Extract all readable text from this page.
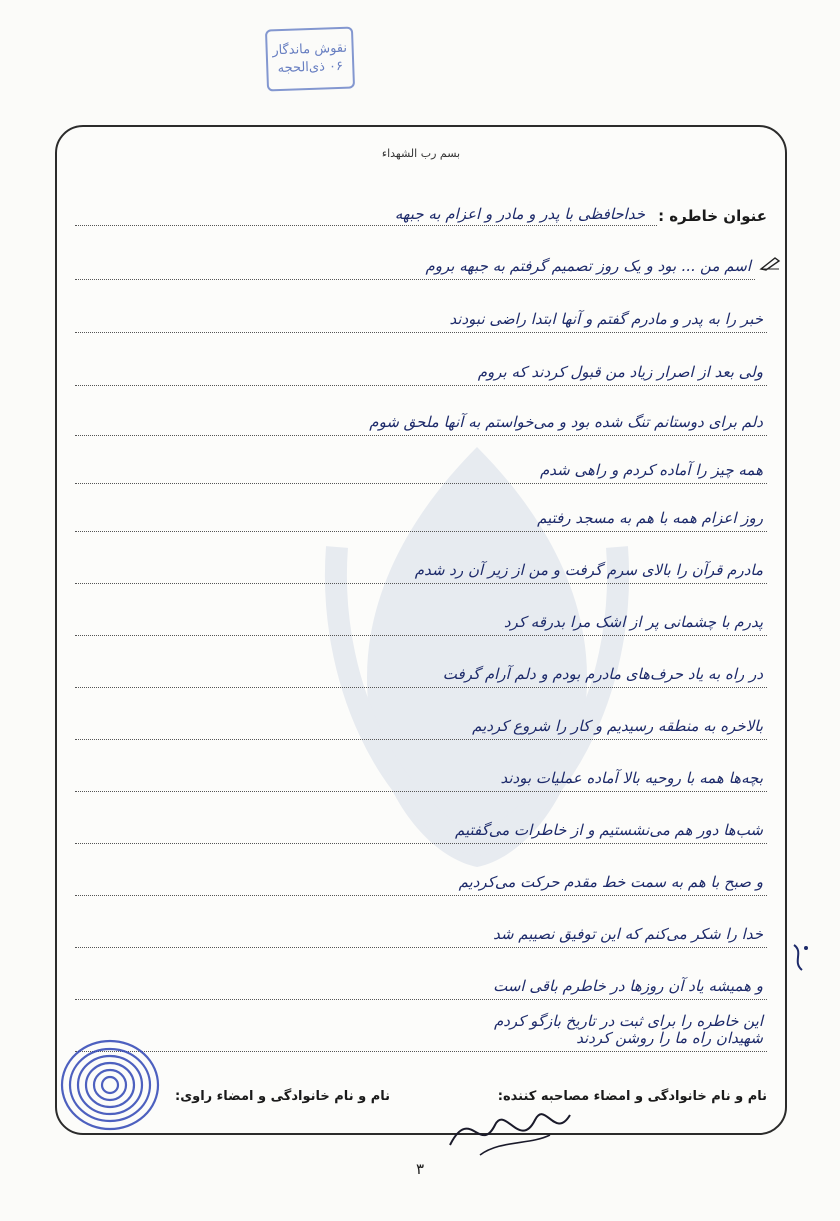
نقوش ماندگار
۰۶ ذی‌الحجه
بسم رب الشهداء
عنوان خاطره :
خداحافظی با پدر و مادر و اعزام به جبهه
اسم من ... بود و یک روز تصمیم گرفتم به جبهه بروم
خبر را به پدر و مادرم گفتم و آنها ابتدا راضی نبودند
ولی بعد از اصرار زیاد من قبول کردند که بروم
دلم برای دوستانم تنگ شده بود و می‌خواستم به آنها ملحق شوم
همه چیز را آماده کردم و راهی شدم
روز اعزام همه با هم به مسجد رفتیم
مادرم قرآن را بالای سرم گرفت و من از زیر آن رد شدم
پدرم با چشمانی پر از اشک مرا بدرقه کرد
در راه به یاد حرف‌های مادرم بودم و دلم آرام گرفت
بالاخره به منطقه رسیدیم و کار را شروع کردیم
بچه‌ها همه با روحیه بالا آماده عملیات بودند
شب‌ها دور هم می‌نشستیم و از خاطرات می‌گفتیم
و صبح با هم به سمت خط مقدم حرکت می‌کردیم
خدا را شکر می‌کنم که این توفیق نصیبم شد
و همیشه یاد آن روزها در خاطرم باقی است
این خاطره را برای ثبت در تاریخ بازگو کردم
شهیدان راه ما را روشن کردند
نام و نام خانوادگی و امضاء مصاحبه کننده:
نام و نام خانوادگی و امضاء راوی:
۳
